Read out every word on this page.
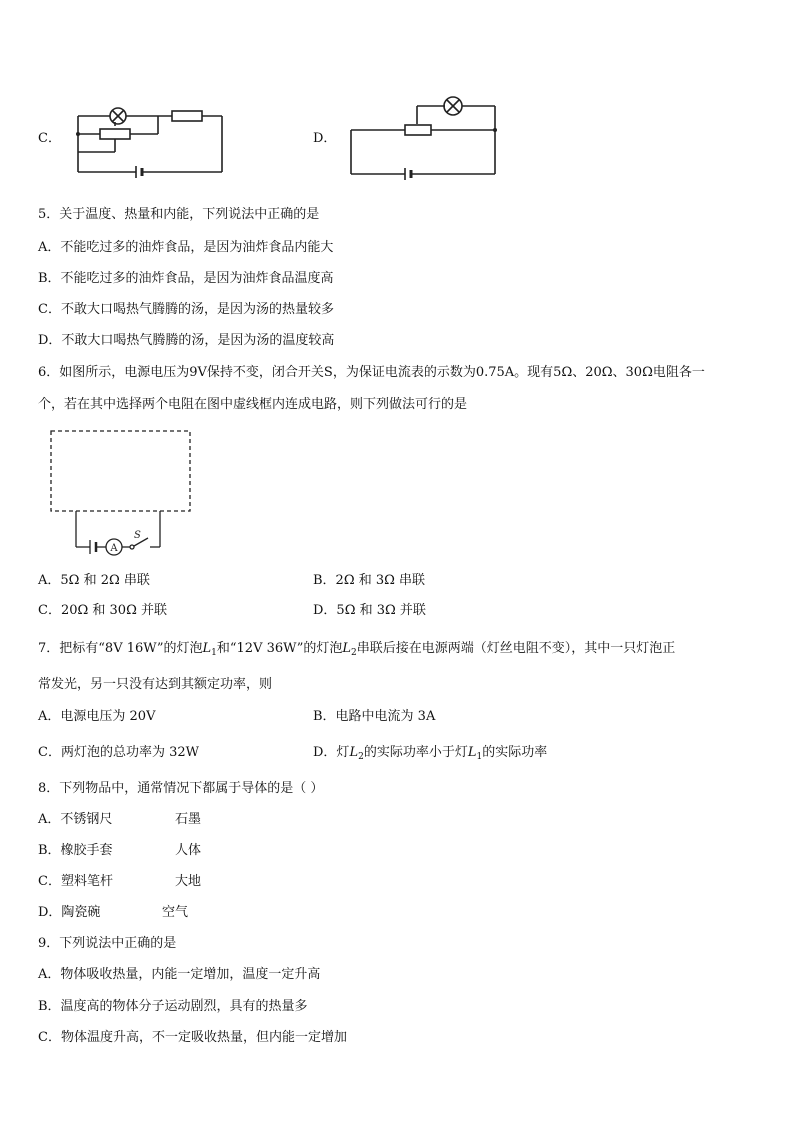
C．	D．
5．关于温度、热量和内能，下列说法中正确的是
A．不能吃过多的油炸食品，是因为油炸食品内能大
B．不能吃过多的油炸食品，是因为油炸食品温度高
C．不敢大口喝热气腾腾的汤，是因为汤的热量较多
D．不敢大口喝热气腾腾的汤，是因为汤的温度较高
6．如图所示，电源电压为9V保持不变，闭合开关S，为保证电流表的示数为0.75A。现有5Ω、20Ω、30Ω电阻各一
个，若在其中选择两个电阻在图中虚线框内连成电路，则下列做法可行的是
A
S
A．5Ω 和 2Ω 串联	B．2Ω 和 3Ω 串联
C．20Ω 和 30Ω 并联	D．5Ω 和 3Ω 并联
7．把标有“8V 16W”的灯泡$L_1$和“12V 36W”的灯泡$L_2$串联后接在电源两端（灯丝电阻不变），其中一只灯泡正
常发光，另一只没有达到其额定功率，则
A．电源电压为 20V	B．电路中电流为 3A
C．两灯泡的总功率为 32W	D．灯$L_2$的实际功率小于灯$L_1$的实际功率
8．下列物品中，通常情况下都属于导体的是（ ）
A．不锈钢尺	石墨
B．橡胶手套	人体
C．塑料笔杆	大地
D．陶瓷碗	空气
9．下列说法中正确的是
A．物体吸收热量，内能一定增加，温度一定升高
B．温度高的物体分子运动剧烈，具有的热量多
C．物体温度升高，不一定吸收热量，但内能一定增加
